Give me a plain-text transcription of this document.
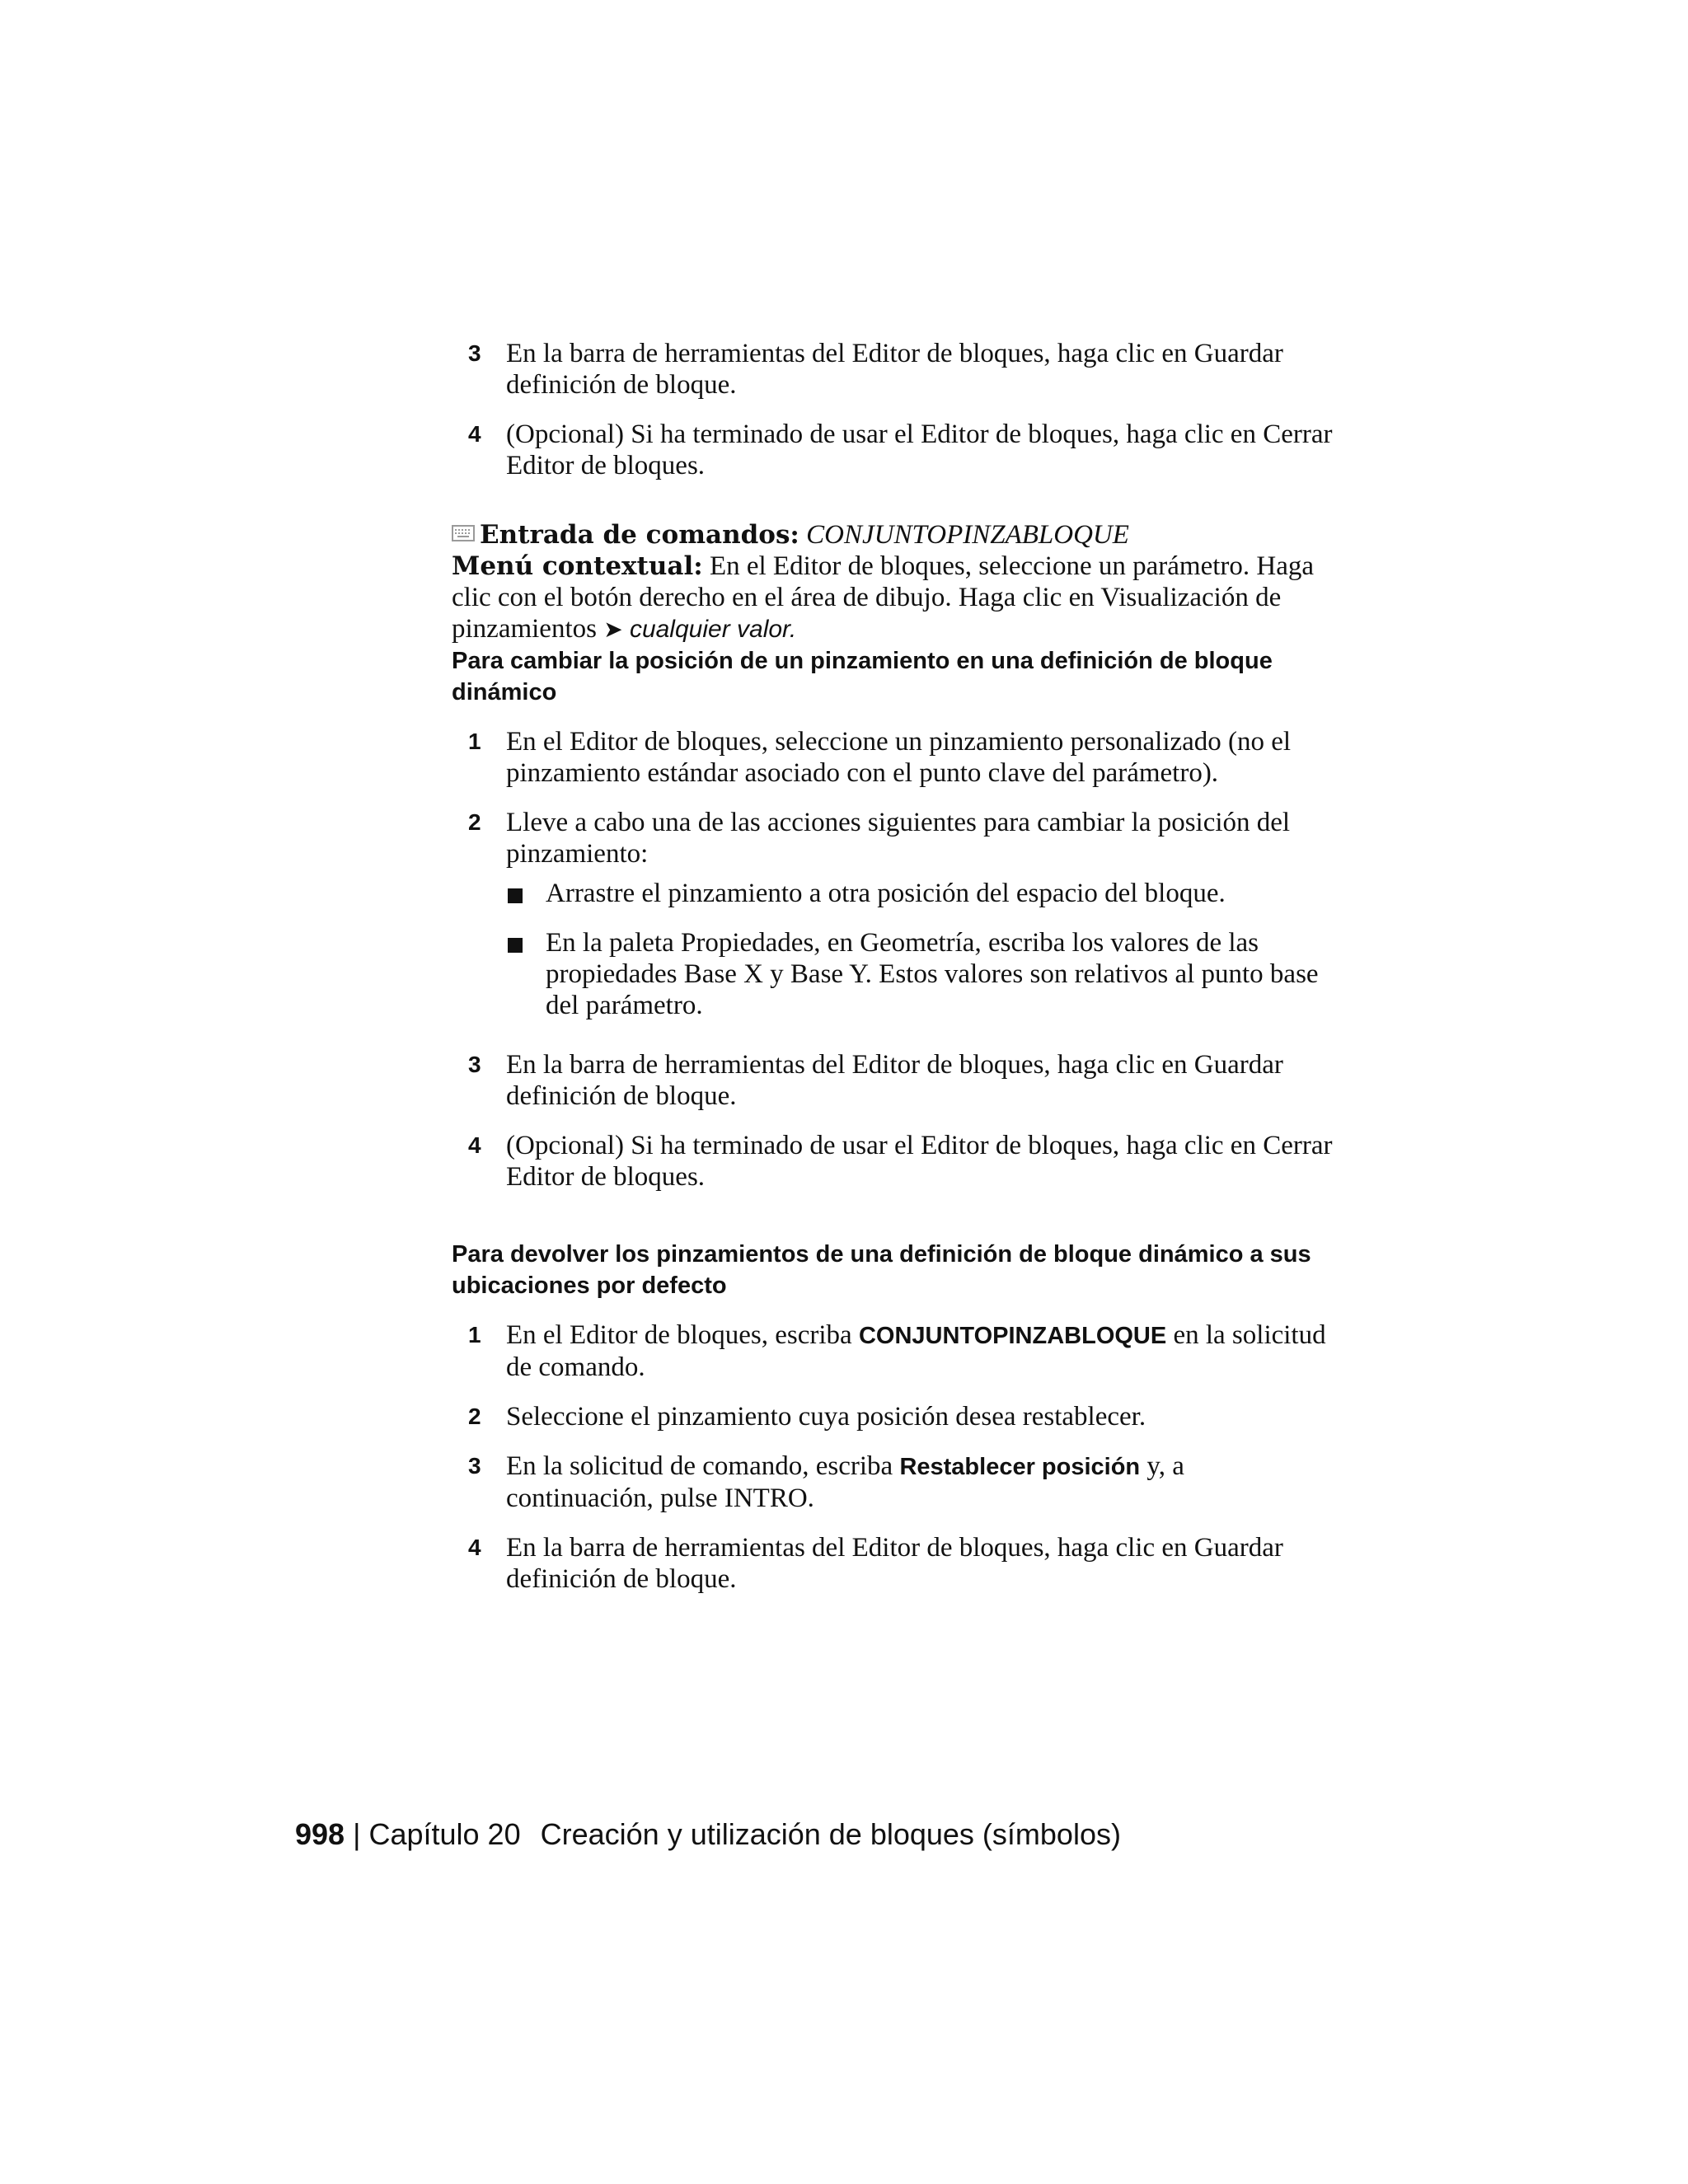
3 En la barra de herramientas del Editor de bloques, haga clic en Guardar definición de bloque.

4 (Opcional) Si ha terminado de usar el Editor de bloques, haga clic en Cerrar Editor de bloques.

Entrada de comandos: CONJUNTOPINZABLOQUE
Menú contextual: En el Editor de bloques, seleccione un parámetro. Haga clic con el botón derecho en el área de dibujo. Haga clic en Visualización de pinzamientos ➤ cualquier valor.
Para cambiar la posición de un pinzamiento en una definición de bloque dinámico
1 En el Editor de bloques, seleccione un pinzamiento personalizado (no el pinzamiento estándar asociado con el punto clave del parámetro).

2 Lleve a cabo una de las acciones siguientes para cambiar la posición del pinzamiento:

Arrastre el pinzamiento a otra posición del espacio del bloque.
En la paleta Propiedades, en Geometría, escriba los valores de las propiedades Base X y Base Y. Estos valores son relativos al punto base del parámetro.
3 En la barra de herramientas del Editor de bloques, haga clic en Guardar definición de bloque.

4 (Opcional) Si ha terminado de usar el Editor de bloques, haga clic en Cerrar Editor de bloques.

Para devolver los pinzamientos de una definición de bloque dinámico a sus ubicaciones por defecto
1 En el Editor de bloques, escriba CONJUNTOPINZABLOQUE en la solicitud de comando.

2 Seleccione el pinzamiento cuya posición desea restablecer.

3 En la solicitud de comando, escriba Restablecer posición y, a continuación, pulse INTRO.

4 En la barra de herramientas del Editor de bloques, haga clic en Guardar definición de bloque.

998 | Capítulo 20 Creación y utilización de bloques (símbolos)
